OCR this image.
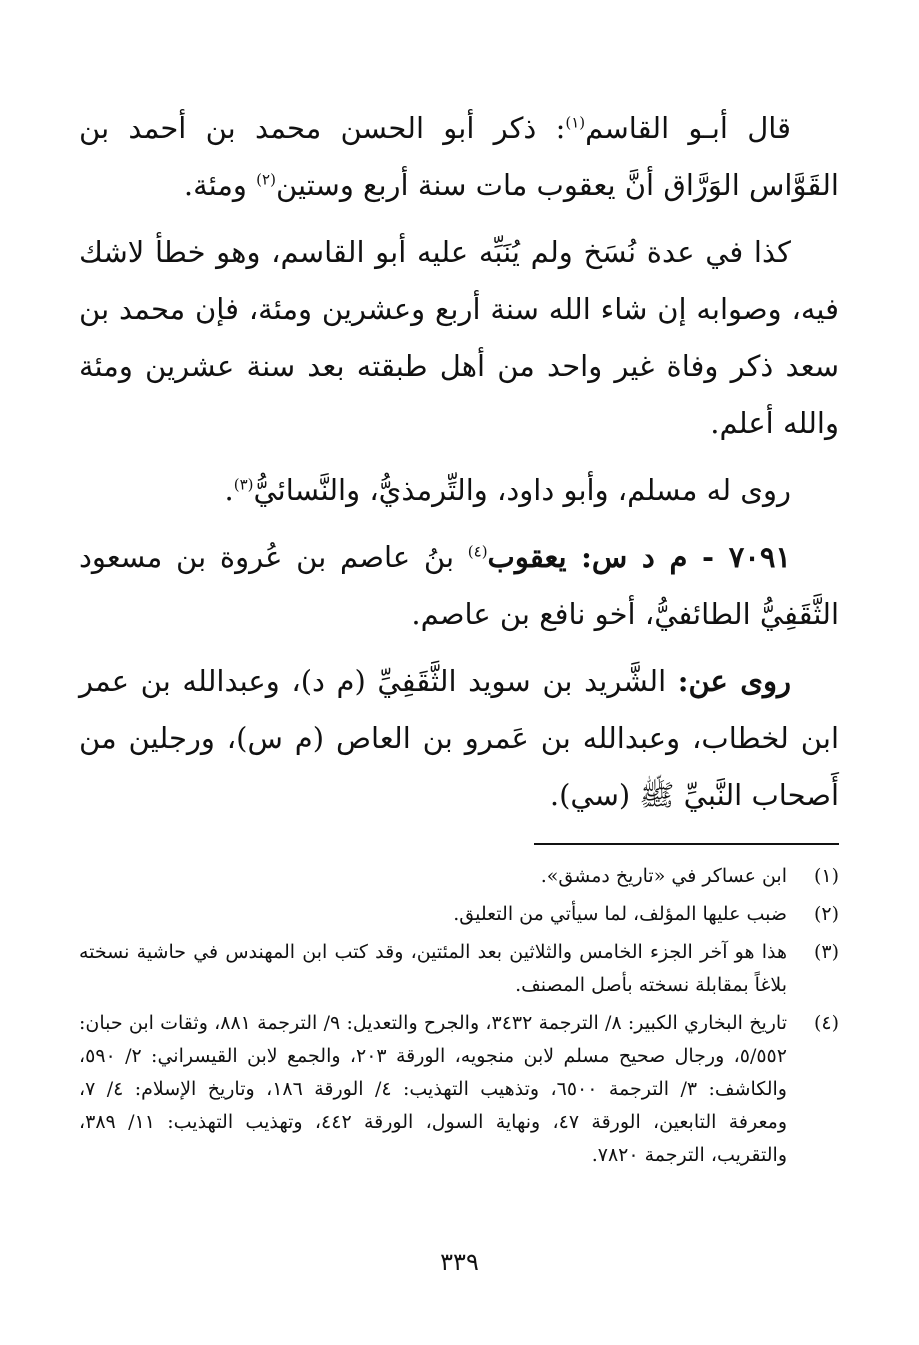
قال أبـو القاسم$^{(١)}$: ذكر أبو الحسن محمد بن أحمد بن القَوَّاس الوَرَّاق أنَّ يعقوب مات سنة أربع وستين$^{(٢)}$ ومئة.

كذا في عدة نُسَخ ولم يُنَبِّه عليه أبو القاسم، وهو خطأ لاشك فيه، وصوابه إن شاء الله سنة أربع وعشرين ومئة، فإن محمد بن سعد ذكر وفاة غير واحد من أهل طبقته بعد سنة عشرين ومئة والله أعلم.

روى له مسلم، وأبو داود، والتِّرمذيُّ، والنَّسائيُّ$^{(٣)}$.

٧٠٩١ - م د س: يعقوب$^{(٤)}$ بنُ عاصم بن عُروة بن مسعود الثَّقَفِيُّ الطائفيُّ، أخو نافع بن عاصم.

روى عن: الشَّريد بن سويد الثَّقَفِيِّ (م د)، وعبدالله بن عمر ابن لخطاب، وعبدالله بن عَمرو بن العاص (م س)، ورجلين من أَصحاب النَّبيِّ ﷺ (سي).

(١)
ابن عساكر في «تاريخ دمشق».
(٢)
ضبب عليها المؤلف، لما سيأتي من التعليق.
(٣)
هذا هو آخر الجزء الخامس والثلاثين بعد المئتين، وقد كتب ابن المهندس في حاشية نسخته بلاغاً بمقابلة نسخته بأصل المصنف.
(٤)
تاريخ البخاري الكبير: ٨/ الترجمة ٣٤٣٢، والجرح والتعديل: ٩/ الترجمة ٨٨١، وثقات ابن حبان: ٥/٥٥٢، ورجال صحيح مسلم لابن منجويه، الورقة ٢٠٣، والجمع لابن القيسراني: ٢/ ٥٩٠، والكاشف: ٣/ الترجمة ٦٥٠٠، وتذهيب التهذيب: ٤/ الورقة ١٨٦، وتاريخ الإسلام: ٤/ ٧، ومعرفة التابعين، الورقة ٤٧، ونهاية السول، الورقة ٤٤٢، وتهذيب التهذيب: ١١/ ٣٨٩، والتقريب، الترجمة ٧٨٢٠.
٣٣٩
